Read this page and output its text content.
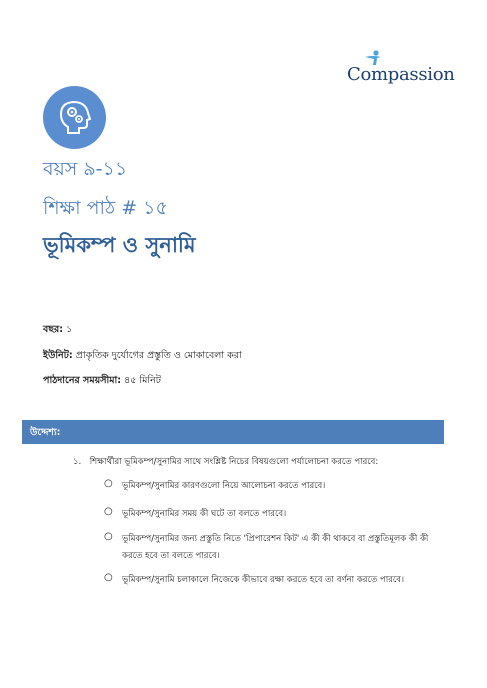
Compassion
বয়স ৯-১১
শিক্ষা পাঠ # ১৫
ভূমিকম্প ও সুনামি
বছর: ১
ইউনিট: প্রাকৃতিক দুর্যোগের প্রস্তুতি ও মোকাবেলা করা
পাঠদানের সময়সীমা: ৪৫ মিনিট
উদ্দেশ্য:
১. শিক্ষার্থীরা ভূমিকম্প/সুনামির সাথে সংশ্লিষ্ট নিচের বিষয়গুলো পর্যালোচনা করতে পারবে:
○ ভূমিকম্প/সুনামির কারণগুলো নিয়ে আলোচনা করতে পারবে।
○ ভূমিকম্প/সুনামির সময় কী ঘটে তা বলতে পারবে।
○ ভূমিকম্প/সুনামির জন্য প্রস্তুতি নিতে 'প্রিপারেশন কিট' এ কী কী থাকবে বা প্রস্তুতিমূলক কী কী করতে হবে তা বলতে পারবে।
○ ভূমিকম্প/সুনামি চলাকালে নিজেকে কীভাবে রক্ষা করতে হবে তা বর্ণনা করতে পারবে।
